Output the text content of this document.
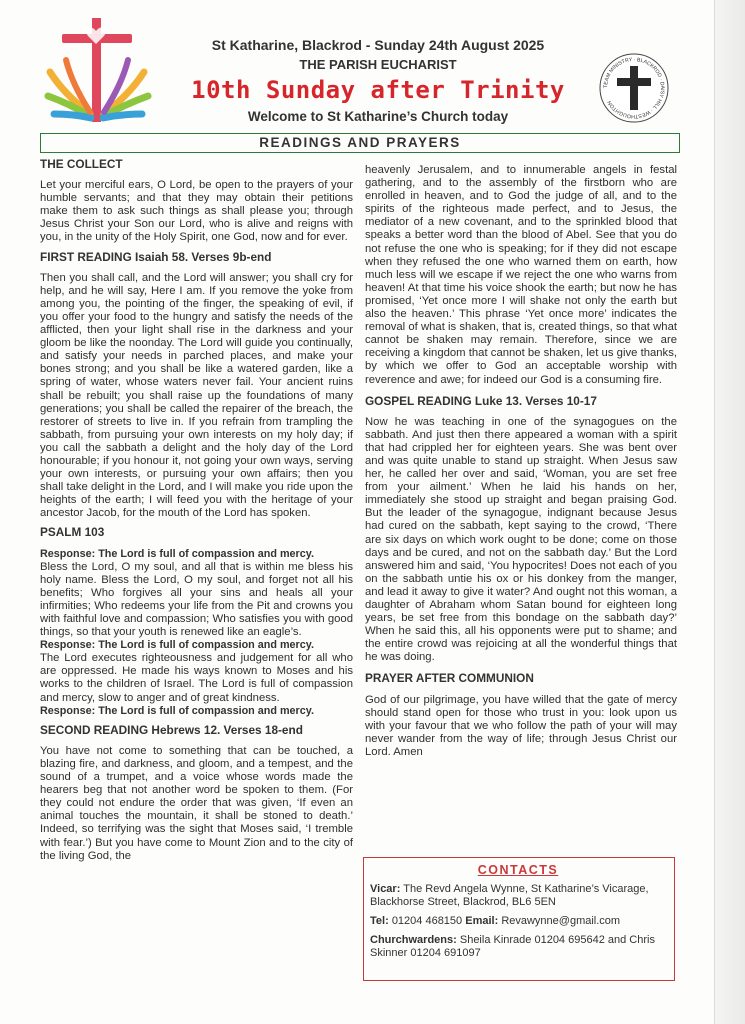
St Katharine, Blackrod - Sunday 24th August 2025

THE PARISH EUCHARIST

10th Sunday after Trinity

Welcome to St Katharine’s Church today

TEAM MINISTRY · BLACKROD · DAISY HILL · WESTHOUGHTON
READINGS AND PRAYERS

THE COLLECT

Let your merciful ears, O Lord, be open to the prayers of your humble servants; and that they may obtain their petitions make them to ask such things as shall please you; through Jesus Christ your Son our Lord, who is alive and reigns with you, in the unity of the Holy Spirit, one God, now and for ever.

FIRST READING Isaiah 58. Verses 9b-end

Then you shall call, and the Lord will answer; you shall cry for help, and he will say, Here I am. If you remove the yoke from among you, the pointing of the finger, the speaking of evil, if you offer your food to the hungry and satisfy the needs of the afflicted, then your light shall rise in the darkness and your gloom be like the noonday. The Lord will guide you continually, and satisfy your needs in parched places, and make your bones strong; and you shall be like a watered garden, like a spring of water, whose waters never fail. Your ancient ruins shall be rebuilt; you shall raise up the foundations of many generations; you shall be called the repairer of the breach, the restorer of streets to live in. If you refrain from trampling the sabbath, from pursuing your own interests on my holy day; if you call the sabbath a delight and the holy day of the Lord honourable; if you honour it, not going your own ways, serving your own interests, or pursuing your own affairs; then you shall take delight in the Lord, and I will make you ride upon the heights of the earth; I will feed you with the heritage of your ancestor Jacob, for the mouth of the Lord has spoken.

PSALM 103

Response: The Lord is full of compassion and mercy.

Bless the Lord, O my soul, and all that is within me bless his holy name. Bless the Lord, O my soul, and forget not all his benefits; Who forgives all your sins and heals all your infirmities; Who redeems your life from the Pit and crowns you with faithful love and compassion; Who satisfies you with good things, so that your youth is renewed like an eagle’s.

Response: The Lord is full of compassion and mercy.

The Lord executes righteousness and judgement for all who are oppressed. He made his ways known to Moses and his works to the children of Israel. The Lord is full of compassion and mercy, slow to anger and of great kindness.

Response: The Lord is full of compassion and mercy.

SECOND READING Hebrews 12. Verses 18-end

You have not come to something that can be touched, a blazing fire, and darkness, and gloom, and a tempest, and the sound of a trumpet, and a voice whose words made the hearers beg that not another word be spoken to them. (For they could not endure the order that was given, ‘If even an animal touches the mountain, it shall be stoned to death.’ Indeed, so terrifying was the sight that Moses said, ‘I tremble with fear.’) But you have come to Mount Zion and to the city of the living God, the

heavenly Jerusalem, and to innumerable angels in festal gathering, and to the assembly of the firstborn who are enrolled in heaven, and to God the judge of all, and to the spirits of the righteous made perfect, and to Jesus, the mediator of a new covenant, and to the sprinkled blood that speaks a better word than the blood of Abel. See that you do not refuse the one who is speaking; for if they did not escape when they refused the one who warned them on earth, how much less will we escape if we reject the one who warns from heaven! At that time his voice shook the earth; but now he has promised, ‘Yet once more I will shake not only the earth but also the heaven.’ This phrase ‘Yet once more’ indicates the removal of what is shaken, that is, created things, so that what cannot be shaken may remain. Therefore, since we are receiving a kingdom that cannot be shaken, let us give thanks, by which we offer to God an acceptable worship with reverence and awe; for indeed our God is a consuming fire.

GOSPEL READING Luke 13. Verses 10-17

Now he was teaching in one of the synagogues on the sabbath. And just then there appeared a woman with a spirit that had crippled her for eighteen years. She was bent over and was quite unable to stand up straight. When Jesus saw her, he called her over and said, ‘Woman, you are set free from your ailment.’ When he laid his hands on her, immediately she stood up straight and began praising God. But the leader of the synagogue, indignant because Jesus had cured on the sabbath, kept saying to the crowd, ‘There are six days on which work ought to be done; come on those days and be cured, and not on the sabbath day.’ But the Lord answered him and said, ‘You hypocrites! Does not each of you on the sabbath untie his ox or his donkey from the manger, and lead it away to give it water? And ought not this woman, a daughter of Abraham whom Satan bound for eighteen long years, be set free from this bondage on the sabbath day?’ When he said this, all his opponents were put to shame; and the entire crowd was rejoicing at all the wonderful things that he was doing.

PRAYER AFTER COMMUNION

God of our pilgrimage, you have willed that the gate of mercy should stand open for those who trust in you: look upon us with your favour that we who follow the path of your will may never wander from the way of life; through Jesus Christ our Lord. Amen

CONTACTS

Vicar: The Revd Angela Wynne, St Katharine’s Vicarage, Blackhorse Street, Blackrod, BL6 5EN

Tel: 01204 468150 Email: Revawynne@gmail.com

Churchwardens: Sheila Kinrade 01204 695642 and Chris Skinner 01204 691097
